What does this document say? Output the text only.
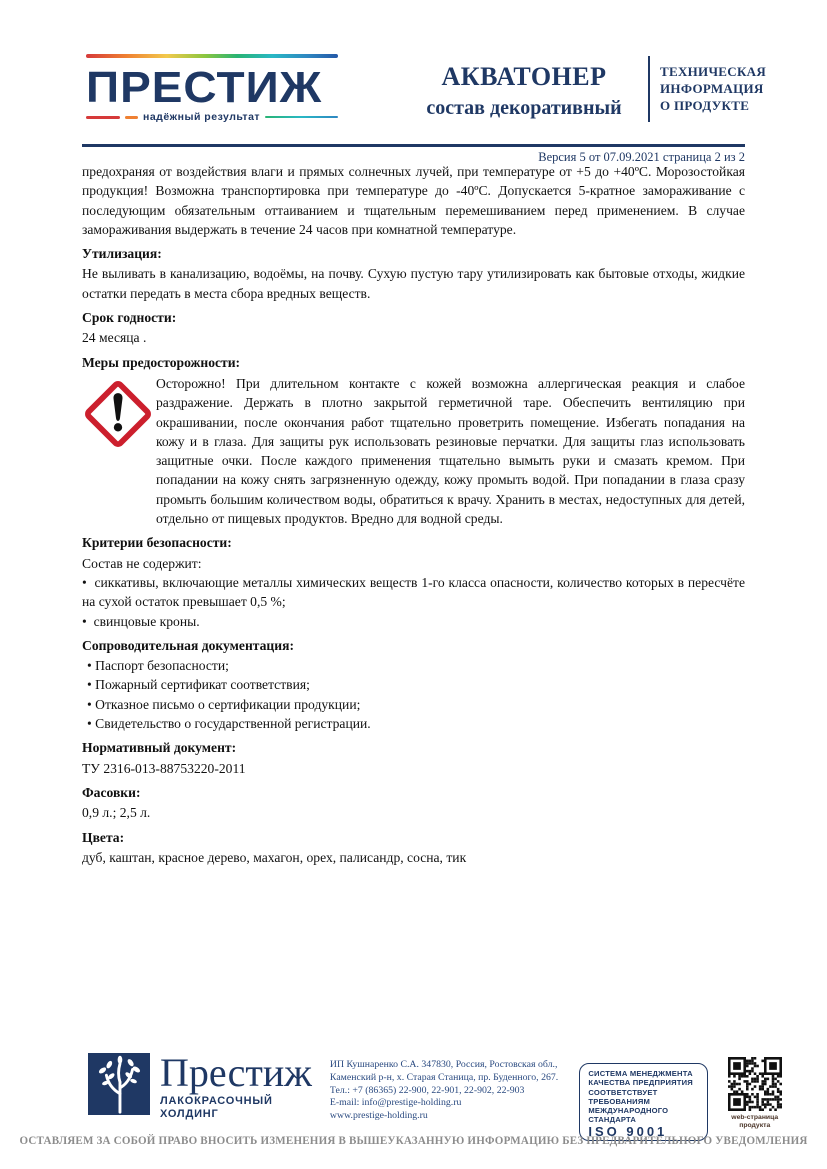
ПРЕСТИЖ
надёжный результат
АКВАТОНЕР
состав декоративный
ТЕХНИЧЕСКАЯ
ИНФОРМАЦИЯ
О ПРОДУКТЕ
Версия 5 от 07.09.2021 страница 2 из 2

предохраняя от воздействия влаги и прямых солнечных лучей, при температуре от +5 до +40ºС. Морозостойкая продукция! Возможна транспортировка при температуре до -40ºС. Допускается 5-кратное замораживание с последующим обязательным оттаиванием и тщательным перемешиванием перед применением. В случае замораживания выдержать в течение 24 часов при комнатной температуре.

Утилизация:

Не выливать в канализацию, водоёмы, на почву. Сухую пустую тару утилизировать как бытовые отходы, жидкие остатки передать в места сбора вредных веществ.

Срок годности:

24 месяца .

Меры предосторожности:

Осторожно! При длительном контакте с кожей возможна аллергическая реакция и слабое раздражение. Держать в плотно закрытой герметичной таре. Обеспечить вентиляцию при окрашивании, после окончания работ тщательно проветрить помещение. Избегать попадания на кожу и в глаза. Для защиты рук использовать резиновые перчатки. Для защиты глаз использовать защитные очки. После каждого применения тщательно вымыть руки и смазать кремом. При попадании на кожу снять загрязненную одежду, кожу промыть водой. При попадании в глаза сразу промыть большим количеством воды, обратиться к врачу. Хранить в местах, недоступных для детей, отдельно от пищевых продуктов. Вредно для водной среды.

Критерии безопасности:

Состав не содержит:

•  сиккативы, включающие металлы химических веществ 1-го класса опасности, количество которых в пересчёте на сухой остаток превышает 0,5 %;

•  свинцовые кроны.

Сопроводительная документация:

• Паспорт безопасности;

• Пожарный сертификат соответствия;

• Отказное письмо о сертификации продукции;

• Свидетельство о государственной регистрации.

Нормативный документ:

ТУ 2316-013-88753220-2011

Фасовки:

0,9 л.; 2,5 л.

Цвета:

дуб, каштан, красное дерево, махагон, орех, палисандр, сосна, тик

Престиж
ЛАКОКРАСОЧНЫЙ
ХОЛДИНГ
ИП Кушнаренко С.А. 347830, Россия, Ростовская обл.,
Каменский р-н, х. Старая Станица, пр. Буденного, 267.
Тел.: +7 (86365) 22-900, 22-901, 22-902, 22-903
E-mail: info@prestige-holding.ru
www.prestige-holding.ru
СИСТЕМА МЕНЕДЖМЕНТА
КАЧЕСТВА ПРЕДПРИЯТИЯ
СООТВЕТСТВУЕТ ТРЕБОВАНИЯМ
МЕЖДУНАРОДНОГО СТАНДАРТА
ISO 9001
web-страница
продукта
ОСТАВЛЯЕМ ЗА СОБОЙ ПРАВО ВНОСИТЬ ИЗМЕНЕНИЯ В ВЫШЕУКАЗАННУЮ ИНФОРМАЦИЮ БЕЗ ПРЕДВАРИТЕЛЬНОГО УВЕДОМЛЕНИЯ
